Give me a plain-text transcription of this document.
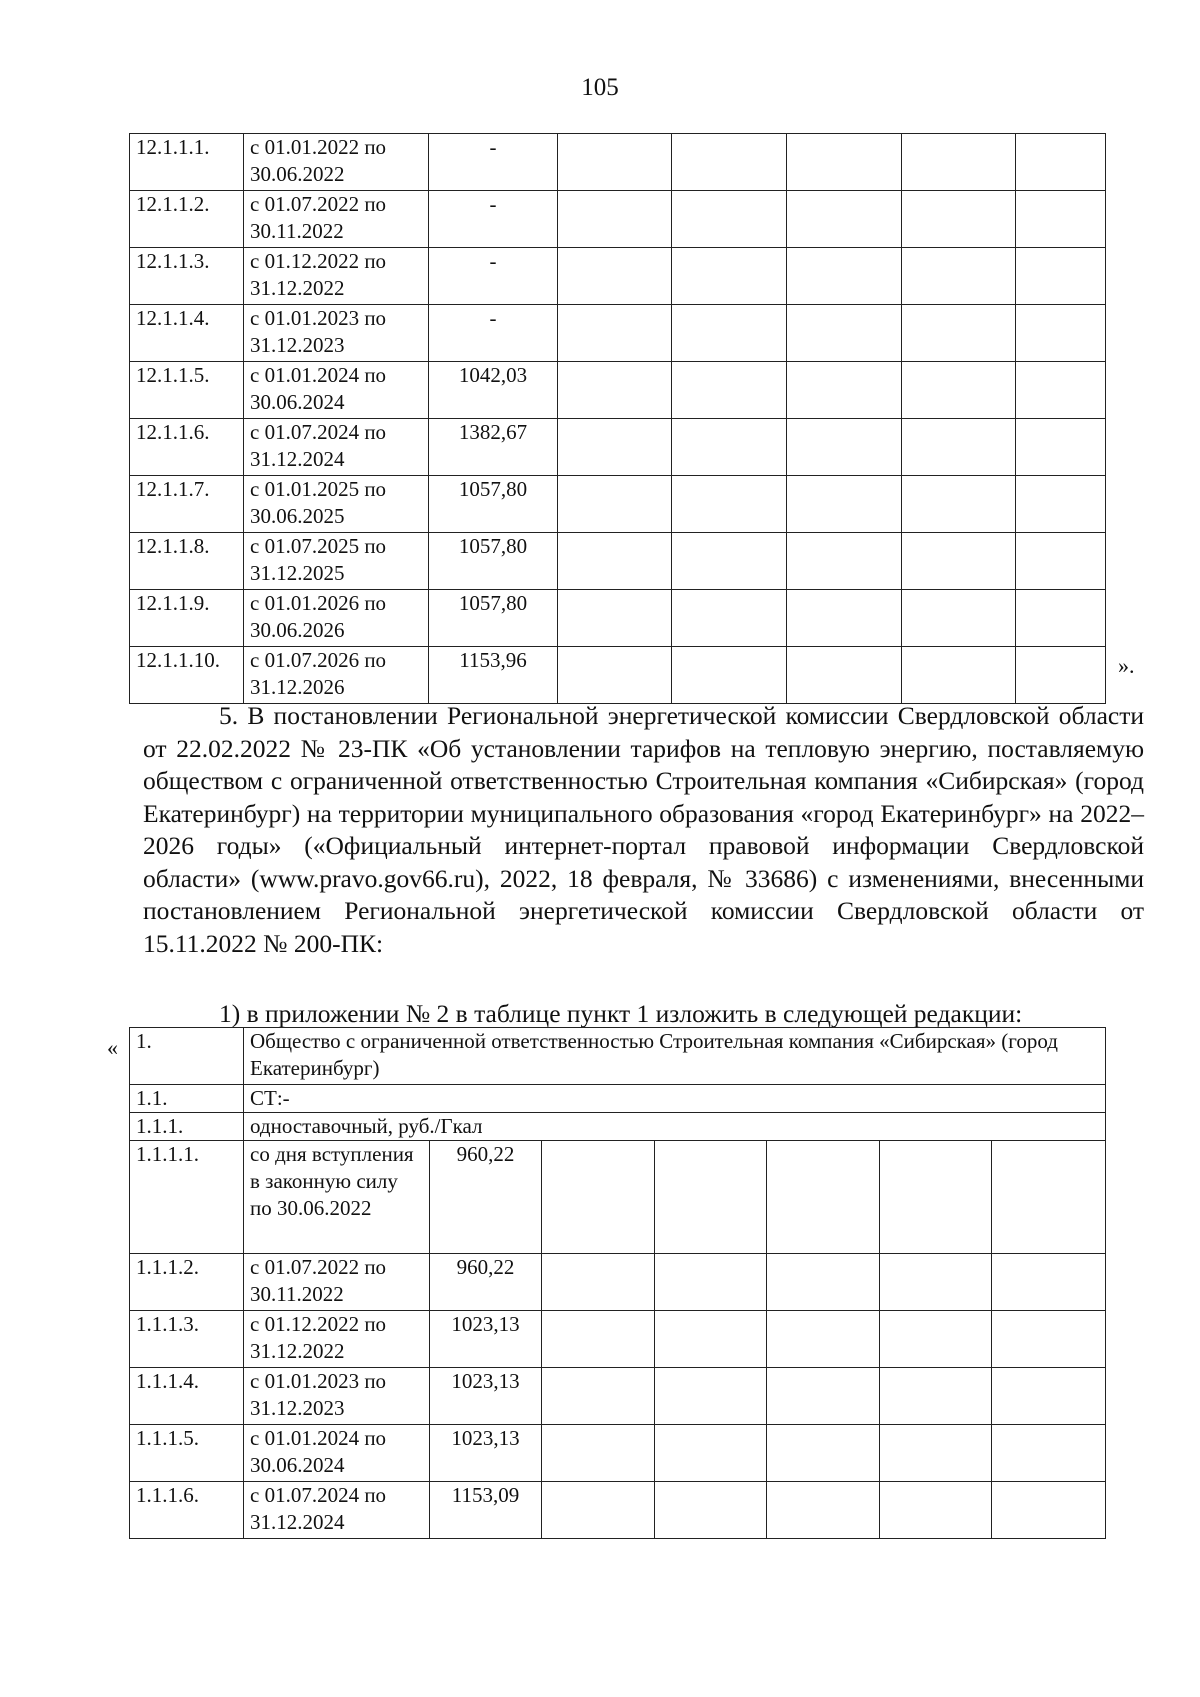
105
12.1.1.1.	с 01.01.2022 по 30.06.2022	-					
12.1.1.2.	с 01.07.2022 по 30.11.2022	-					
12.1.1.3.	с 01.12.2022 по 31.12.2022	-					
12.1.1.4.	с 01.01.2023 по 31.12.2023	-					
12.1.1.5.	с 01.01.2024 по 30.06.2024	1042,03					
12.1.1.6.	с 01.07.2024 по 31.12.2024	1382,67					
12.1.1.7.	с 01.01.2025 по 30.06.2025	1057,80					
12.1.1.8.	с 01.07.2025 по 31.12.2025	1057,80					
12.1.1.9.	с 01.01.2026 по 30.06.2026	1057,80					
12.1.1.10.	с 01.07.2026 по 31.12.2026	1153,96						».

5. В постановлении Региональной энергетической комиссии Свердловской области от 22.02.2022 № 23-ПК «Об установлении тарифов на тепловую энергию, поставляемую обществом с ограниченной ответственностью Строительная компания «Сибирская» (город Екатеринбург) на территории муниципального образования «город Екатеринбург» на 2022–2026 годы» («Официальный интернет-портал правовой информации Свердловской области» (www.pravo.gov66.ru), 2022, 18 февраля, № 33686) с изменениями, внесенными постановлением Региональной энергетической комиссии Свердловской области от 15.11.2022 № 200-ПК:

1) в приложении № 2 в таблице пункт 1 изложить в следующей редакции:

« 1.	Общество с ограниченной ответственностью Строительная компания «Сибирская» (город Екатеринбург)						
1.1.	СТ:-						
1.1.1.	одноставочный, руб./Гкал						
1.1.1.1.	со дня вступления в законную силу по 30.06.2022	960,22					
1.1.1.2.	с 01.07.2022 по 30.11.2022	960,22					
1.1.1.3.	с 01.12.2022 по 31.12.2022	1023,13					
1.1.1.4.	с 01.01.2023 по 31.12.2023	1023,13					
1.1.1.5.	с 01.01.2024 по 30.06.2024	1023,13					
1.1.1.6.	с 01.07.2024 по 31.12.2024	1153,09					
